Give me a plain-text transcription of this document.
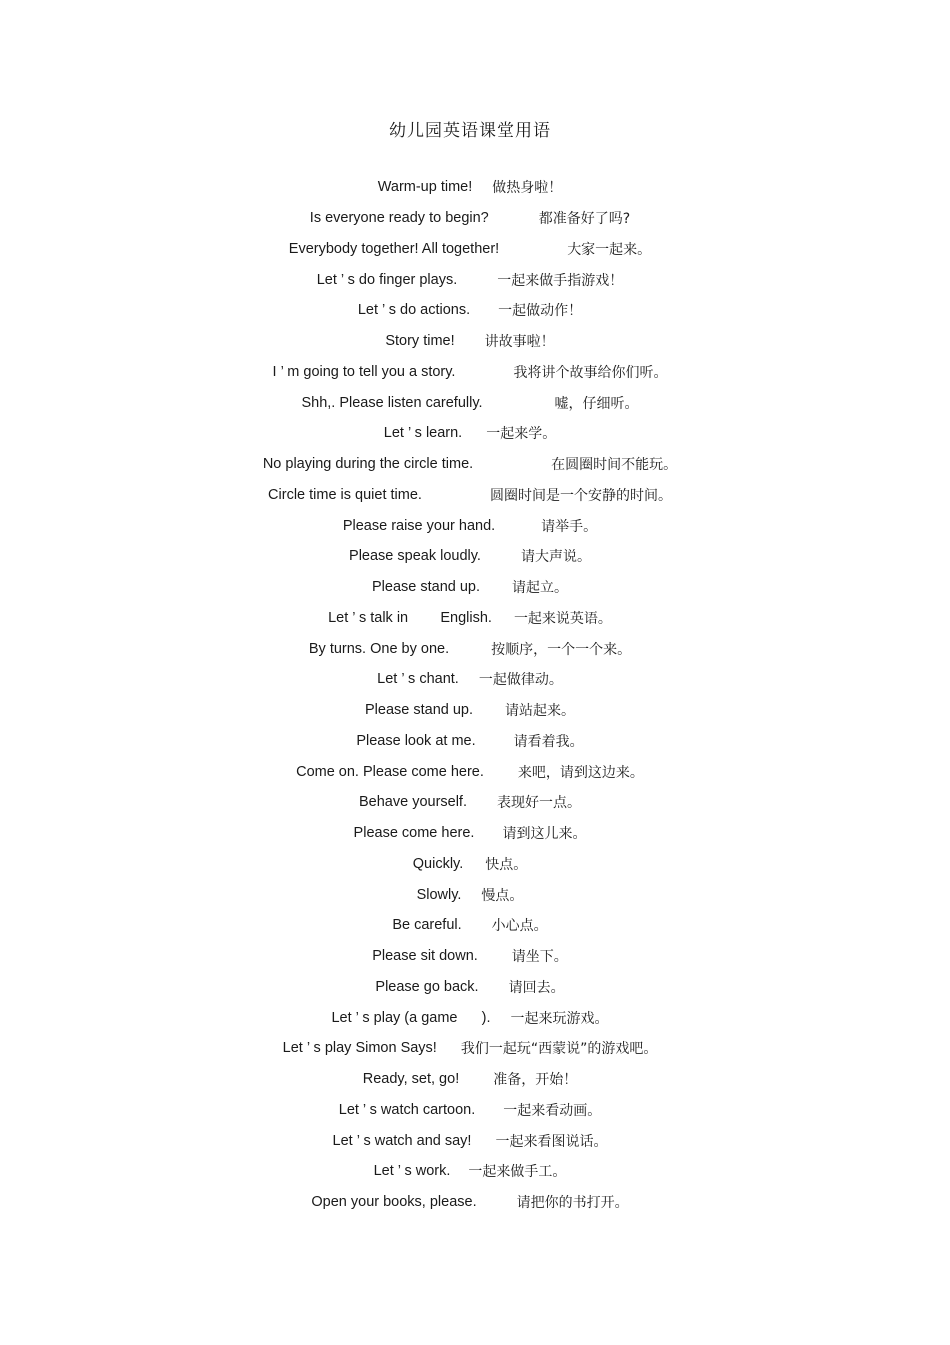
幼儿园英语课堂用语
Warm-up time! 做热身啦！
Is everyone ready to begin?	都准备好了吗?
Everybody together! All together!	大家一起来。
Let ’ s do finger plays.	一起来做手指游戏！
Let ’ s do actions. 一起做动作！
Story time! 讲故事啦！
I ’ m going to tell you a story.	我将讲个故事给你们听。
Shh,. Please listen carefully.	嘘，仔细听。
Let ’ s learn. 一起来学。
No playing during the circle time.	在圆圈时间不能玩。
Circle time is quiet time.	圆圈时间是一个安静的时间。
Please raise your hand.	请举手。
Please speak loudly.	请大声说。
Please stand up. 请起立。
Let ’ s talk in        English. 一起来说英语。
By turns. One by one.	按顺序，一个一个来。
Let ’ s chant. 一起做律动。
Please stand up. 请站起来。
Please look at me.	请看着我。
Come on. Please come here. 来吧，请到这边来。
Behave yourself. 表现好一点。
Please come here. 请到这儿来。
Quickly. 快点。
Slowly. 慢点。
Be careful. 小心点。
Please sit down. 请坐下。
Please go back. 请回去。
Let ’ s play (a game      ). 一起来玩游戏。
Let ’ s play Simon Says! 我们一起玩“西蒙说”的游戏吧。
Ready, set, go! 准备，开始！
Let ’ s watch cartoon. 一起来看动画。
Let ’ s watch and say! 一起来看图说话。
Let ’ s work. 一起来做手工。
Open your books, please.	请把你的书打开。
